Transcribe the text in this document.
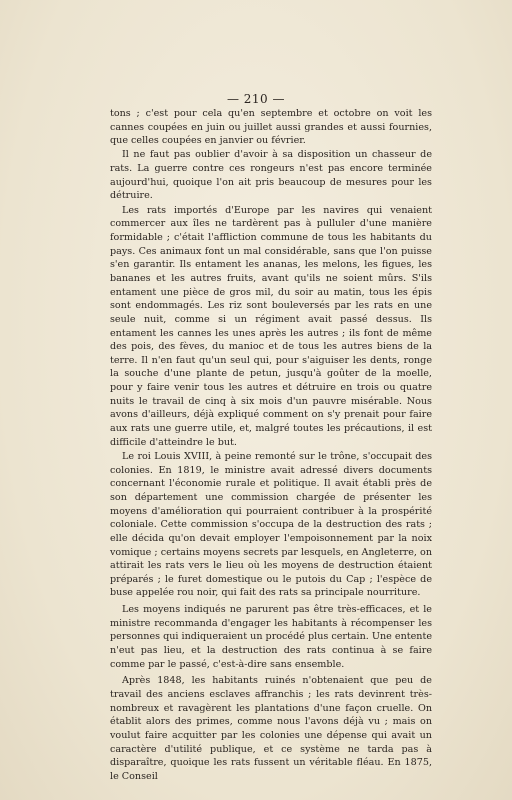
— 210 —

tons ; c'est pour cela qu'en septembre et octobre on voit les cannes coupées en juin ou juillet aussi grandes et aussi fournies, que celles coupées en janvier ou février.

Il ne faut pas oublier d'avoir à sa disposition un chasseur de rats. La guerre contre ces rongeurs n'est pas encore terminée aujourd'hui, quoique l'on ait pris beaucoup de mesures pour les détruire.

Les rats importés d'Europe par les navires qui venaient commercer aux îles ne tardèrent pas à pulluler d'une manière formidable ; c'était l'affliction commune de tous les habitants du pays. Ces animaux font un mal considérable, sans que l'on puisse s'en garantir. Ils entament les ananas, les melons, les figues, les bananes et les autres fruits, avant qu'ils ne soient mûrs. S'ils entament une pièce de gros mil, du soir au matin, tous les épis sont endommagés. Les riz sont bouleversés par les rats en une seule nuit, comme si un régiment avait passé dessus. Ils entament les cannes les unes après les autres ; ils font de même des pois, des fèves, du manioc et de tous les autres biens de la terre. Il n'en faut qu'un seul qui, pour s'aiguiser les dents, ronge la souche d'une plante de petun, jusqu'à goûter de la moelle, pour y faire venir tous les autres et détruire en trois ou quatre nuits le travail de cinq à six mois d'un pauvre misérable. Nous avons d'ailleurs, déjà expliqué comment on s'y prenait pour faire aux rats une guerre utile, et, malgré toutes les précautions, il est difficile d'atteindre le but.

Le roi Louis XVIII, à peine remonté sur le trône, s'occupait des colonies. En 1819, le ministre avait adressé divers documents concernant l'économie rurale et politique. Il avait établi près de son département une commission chargée de présenter les moyens d'amélioration qui pourraient contribuer à la prospérité coloniale. Cette commission s'occupa de la destruction des rats ; elle décida qu'on devait employer l'empoisonnement par la noix vomique ; certains moyens secrets par lesquels, en Angleterre, on attirait les rats vers le lieu où les moyens de destruction étaient préparés ; le furet domestique ou le putois du Cap ; l'espèce de buse appelée rou noir, qui fait des rats sa principale nourriture.

Les moyens indiqués ne parurent pas être très-efficaces, et le ministre recommanda d'engager les habitants à récompenser les personnes qui indiqueraient un procédé plus certain. Une entente n'eut pas lieu, et la destruction des rats continua à se faire comme par le passé, c'est-à-dire sans ensemble.

Après 1848, les habitants ruinés n'obtenaient que peu de travail des anciens esclaves affranchis ; les rats devinrent très-nombreux et ravagèrent les plantations d'une façon cruelle. On établit alors des primes, comme nous l'avons déjà vu ; mais on voulut faire acquitter par les colonies une dépense qui avait un caractère d'utilité publique, et ce système ne tarda pas à disparaître, quoique les rats fussent un véritable fléau. En 1875, le Conseil
